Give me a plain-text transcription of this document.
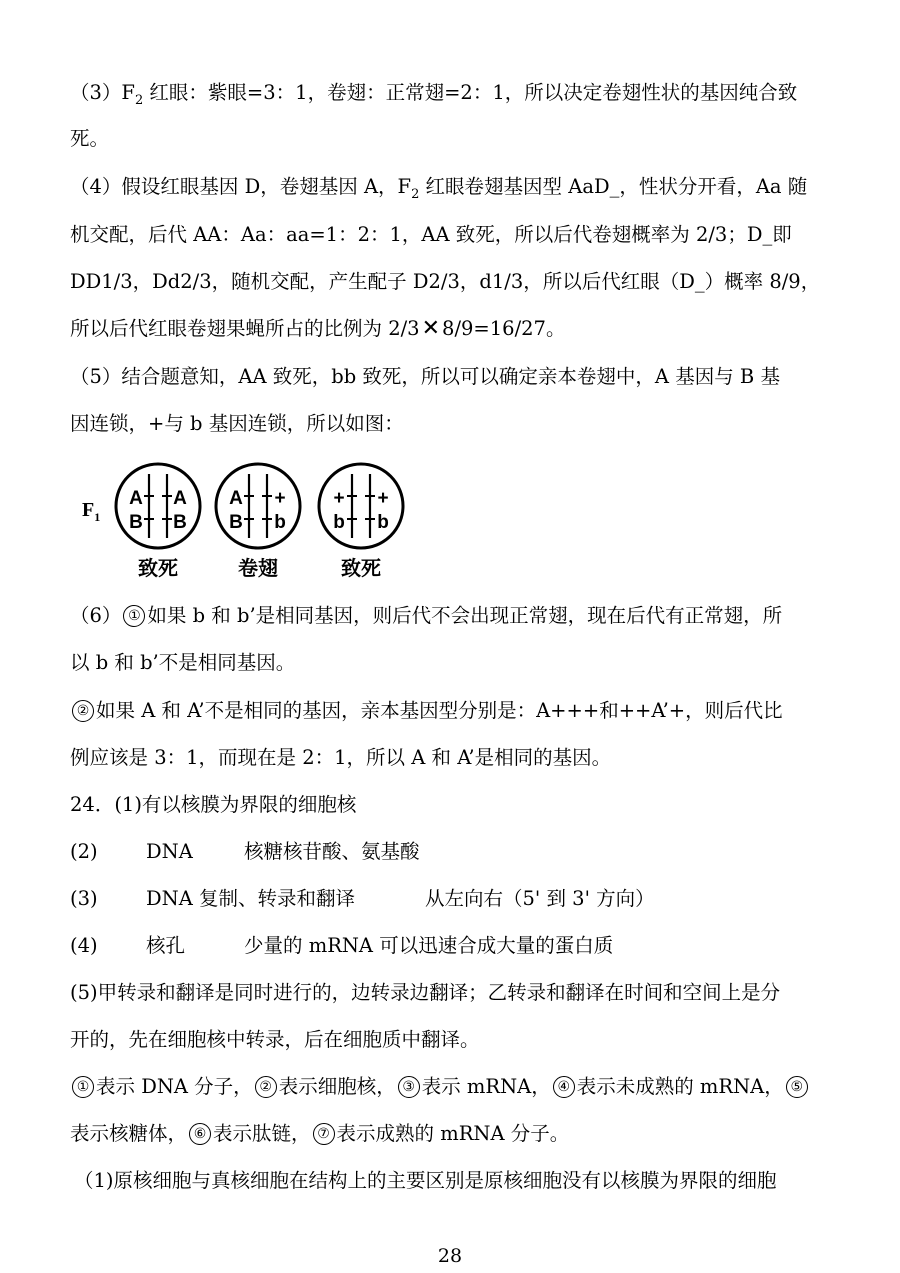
$(3)F_2$ 红眼：紫眼=3：1，卷翅：正常翅=2：1，所以决定卷翅性状的基因纯合致
死。
（4）假设红眼基因 D，卷翅基因 A，$F_2$ 红眼卷翅基因型 AaD_，性状分开看，Aa 随
机交配，后代 AA：Aa：aa=1：2：1，AA 致死，所以后代卷翅概率为 2/3；D_即
DD1/3，Dd2/3，随机交配，产生配子 D2/3，d1/3，所以后代红眼（D_）概率 8/9，
所以后代红眼卷翅果蝇所占的比例为 2/3✕ 8/9=16/27。
（5）结合题意知，AA 致死，bb 致死，所以可以确定亲本卷翅中，A 基因与 B 基
因连锁，+与 b 基因连锁，所以如图：
$F_1$
A A
B B
致死
A +
B b
卷翅
+ +
b b
致死
（6） ① 如果 b 和 b’是相同基因，则后代不会出现正常翅，现在后代有正常翅，所
以 b 和 b’不是相同基因。
② 如果 A 和 A’不是相同的基因，亲本基因型分别是：A+++和++A’+，则后代比
例应该是 3：1，而现在是 2：1，所以 A 和 A’是相同的基因。
24．(1)有以核膜为界限的细胞核
(2) DNA	核糖核苷酸、氨基酸
(3) DNA 复制、转录和翻译	从左向右（5' 到 3' 方向）
(4) 核孔	少量的 mRNA 可以迅速合成大量的蛋白质
(5)甲转录和翻译是同时进行的，边转录边翻译；乙转录和翻译在时间和空间上是分
开的，先在细胞核中转录，后在细胞质中翻译。
① 表示 DNA 分子， ② 表示细胞核， ③ 表示 mRNA， ④ 表示未成熟的 mRNA， ⑤
表示核糖体， ⑥ 表示肽链， ⑦ 表示成熟的 mRNA 分子。
（1)原核细胞与真核细胞在结构上的主要区别是原核细胞没有以核膜为界限的细胞
28
